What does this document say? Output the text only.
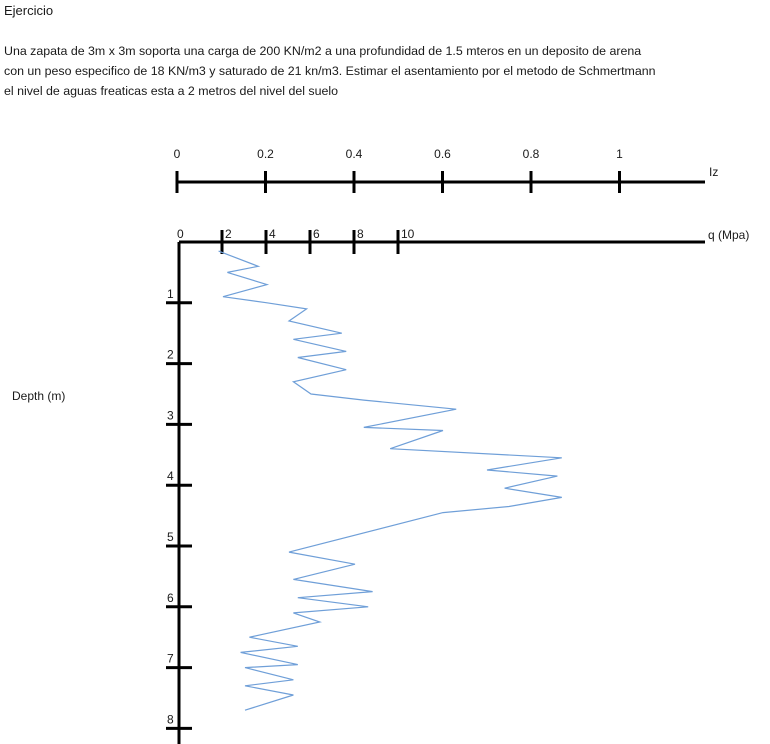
Ejercicio
Una zapata de 3m x 3m soporta una carga de 200 KN/m2 a una profundidad de 1.5 mteros en un deposito de arena
con un peso especifico de 18 KN/m3 y saturado de 21 kn/m3. Estimar el asentamiento por el metodo de Schmertmann
el nivel de aguas freaticas esta a 2 metros del nivel del suelo
0	0.2	0.4	0.6	0.8	1
Iz
0	2	4	6	8	10	q (Mpa)
1
2
3
4
5
6
7
8
Depth (m)
